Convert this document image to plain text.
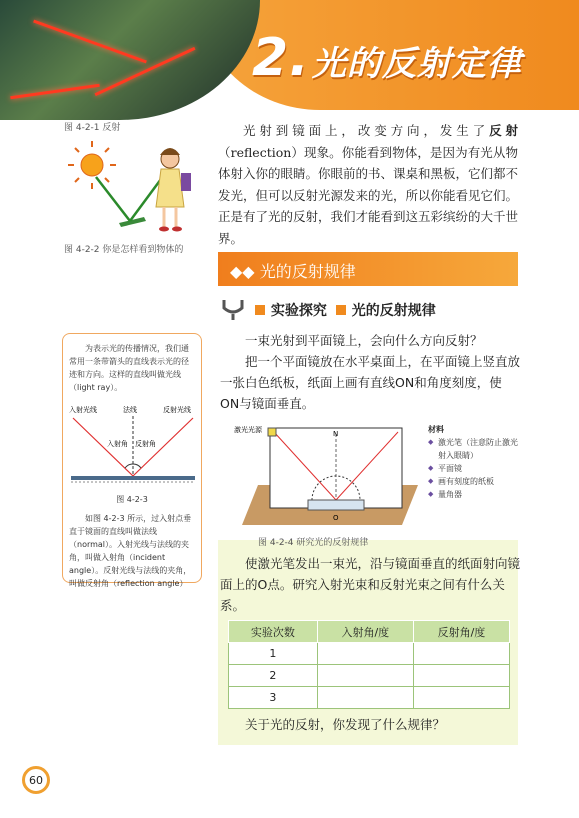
2.光的反射定律
图 4-2-1 反射
图 4-2-2 你是怎样看到物体的
光射到镜面上，改变方向，发生了反射（reflection）现象。你能看到物体，是因为有光从物体射入你的眼睛。你眼前的书、课桌和黑板，它们都不发光，但可以反射光源发来的光，所以你能看见它们。正是有了光的反射，我们才能看到这五彩缤纷的大千世界。
◆◆ 光的反射规律
实验探究 光的反射规律
一束光射到平面镜上，会向什么方向反射？
把一个平面镜放在水平桌面上，在平面镜上竖直放一张白色纸板，纸面上画有直线ON和角度刻度，使ON与镜面垂直。

为表示光的传播情况，我们通常用一条带箭头的直线表示光的径迹和方向。这样的直线叫做光线（light ray）。

入射光线	法线	反射光线
入射角 反射角
图 4-2-3

如图 4-2-3 所示，过入射点垂直于镜面的直线叫做法线（normal）。入射光线与法线的夹角，叫做入射角（incident angle）。反射光线与法线的夹角，叫做反射角（reflection angle）

激光光源	N
O
材料
◆ 激光笔（注意防止激光射入眼睛）
◆ 平面镜
◆ 画有刻度的纸板
◆ 量角器
图 4-2-4 研究光的反射规律
使激光笔发出一束光，沿与镜面垂直的纸面射向镜面上的O点。研究入射光束和反射光束之间有什么关系。
实验次数	入射角/度	反射角/度
1		
2		
3		
关于光的反射，你发现了什么规律？
60
